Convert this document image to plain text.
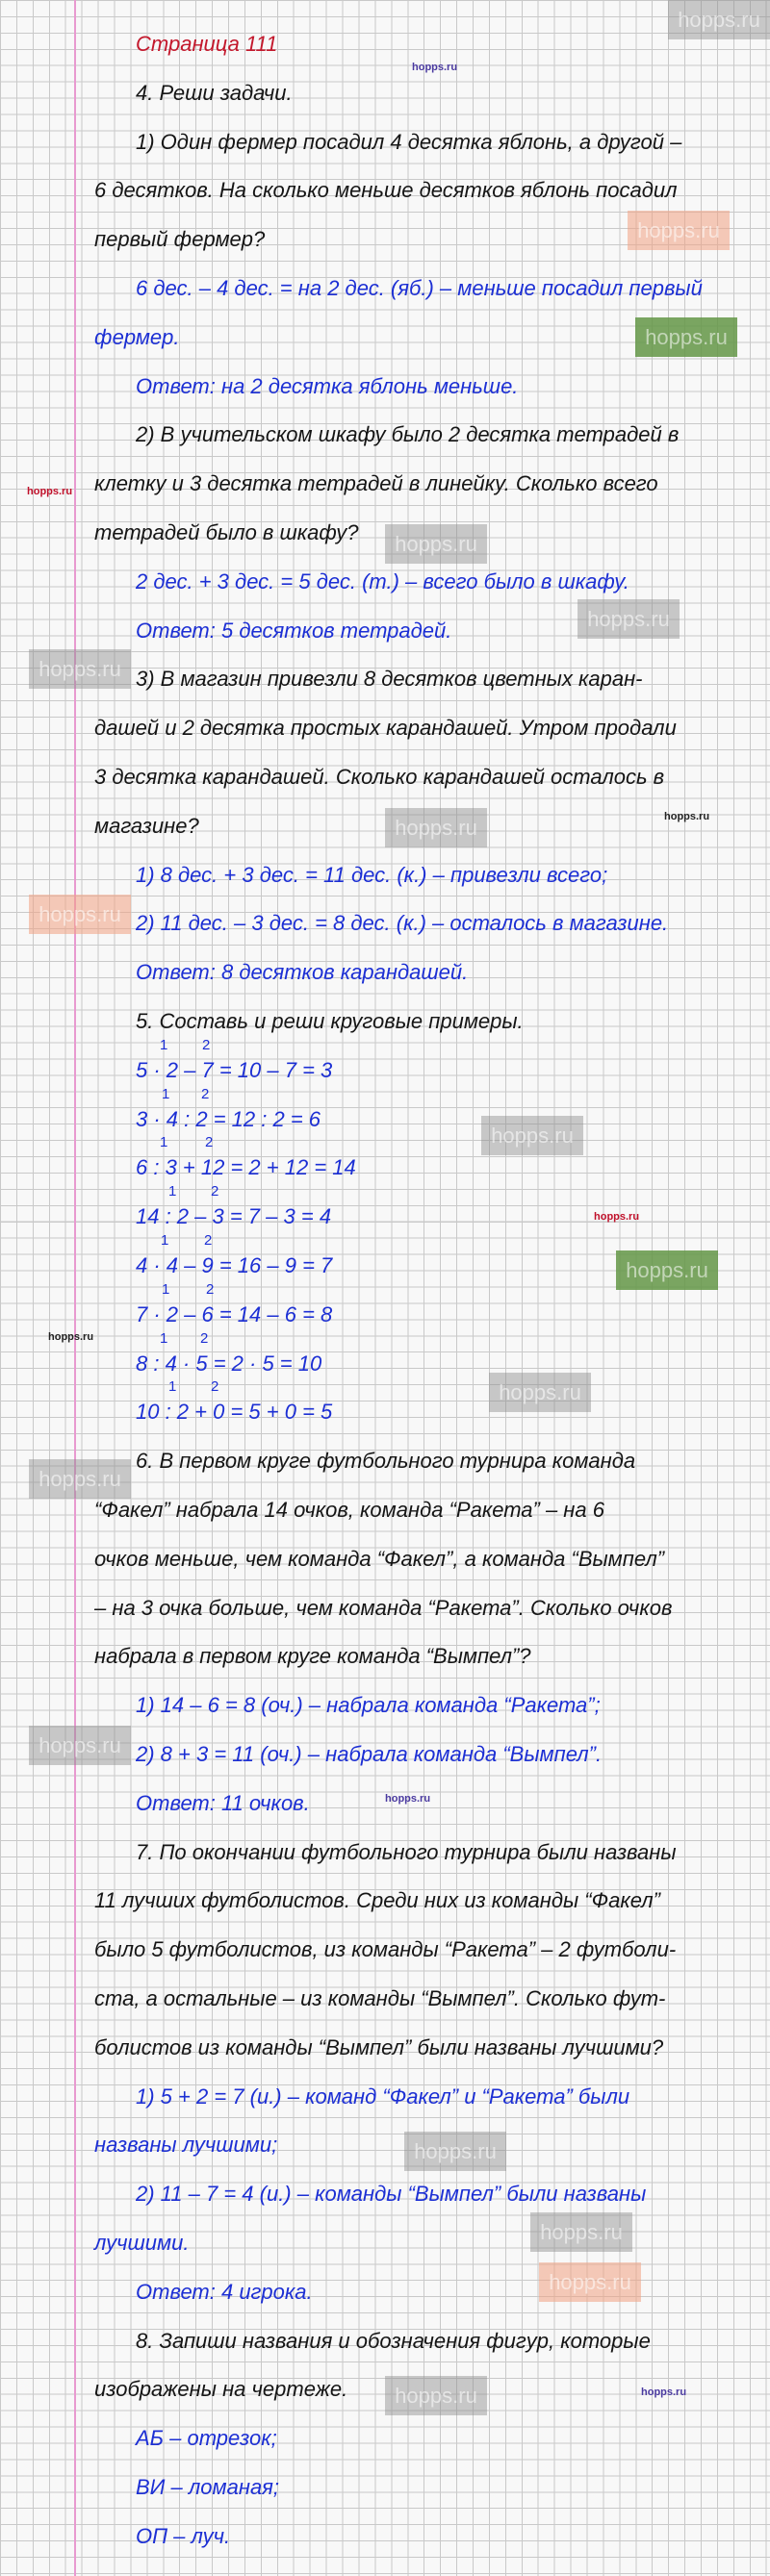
Страница 111
4. Реши задачи.
1) Один фермер посадил 4 десятка яблонь, а другой –
6 десятков. На сколько меньше десятков яблонь посадил
первый фермер?
6 дес. – 4 дес. = на 2 дес. (яб.) – меньше посадил первый
фермер.
Ответ: на 2 десятка яблонь меньше.
2) В учительском шкафу было 2 десятка тетрадей в
клетку и 3 десятка тетрадей в линейку. Сколько всего
тетрадей было в шкафу?
2 дес. + 3 дес. = 5 дес. (т.) – всего было в шкафу.
Ответ: 5 десятков тетрадей.
3) В магазин привезли 8 десятков цветных каран-
дашей и 2 десятка простых карандашей. Утром продали
3 десятка карандашей. Сколько карандашей осталось в
магазине?
1) 8 дес. + 3 дес. = 11 дес. (к.) – привезли всего;
2) 11 дес. – 3 дес. = 8 дес. (к.) – осталось в магазине.
Ответ: 8 десятков карандашей.
5. Составь и реши круговые примеры.
5 · 2 – 7 = 10 – 7 = 3
1 2
3 · 4 : 2 = 12 : 2 = 6
1 2
6 : 3 + 12 = 2 + 12 = 14
1	2
14 : 2 – 3 = 7 – 3 = 4
1 2
4 · 4 – 9 = 16 – 9 = 7
1 2
7 · 2 – 6 = 14 – 6 = 8
1	2
8 : 4 · 5 = 2 · 5 = 10
1 2
10 : 2 + 0 = 5 + 0 = 5
1 2
6. В первом круге футбольного турнира команда
“Факел” набрала 14 очков, команда “Ракета” – на 6
очков меньше, чем команда “Факел”, а команда “Вымпел”
– на 3 очка больше, чем команда “Ракета”. Сколько очков
набрала в первом круге команда “Вымпел”?
1) 14 – 6 = 8 (оч.) – набрала команда “Ракета”;
2) 8 + 3 = 11 (оч.) – набрала команда “Вымпел”.
Ответ: 11 очков.
7. По окончании футбольного турнира были названы
11 лучших футболистов. Среди них из команды “Факел”
было 5 футболистов, из команды “Ракета” – 2 футболи-
ста, а остальные – из команды “Вымпел”. Сколько фут-
болистов из команды “Вымпел” были названы лучшими?
1) 5 + 2 = 7 (и.) – команд “Факел” и “Ракета” были
названы лучшими;
2) 11 – 7 = 4 (и.) – команды “Вымпел” были названы
лучшими.
Ответ: 4 игрока.
8. Запиши названия и обозначения фигур, которые
изображены на чертеже.
АБ – отрезок;
ВИ – ломаная;
ОП – луч.
hopps.ru
hopps.ru
hopps.ru
hopps.ru
hopps.ru
hopps.ru
hopps.ru
hopps.ru
hopps.ru
hopps.ru
hopps.ru
hopps.ru
hopps.ru
hopps.ru
hopps.ru
hopps.ru
hopps.ru
hopps.ru
hopps.ru
hopps.ru
hopps.ru
hopps.ru
hopps.ru
hopps.ru
